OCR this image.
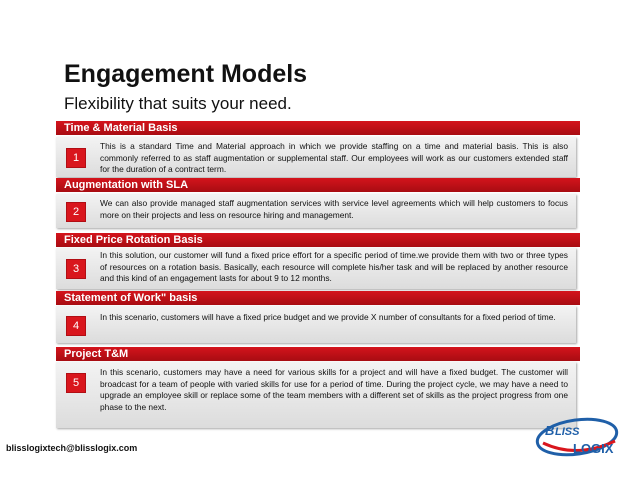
Engagement Models
Flexibility that suits your need.
Time & Material Basis
1
This is a standard Time and Material approach in which we provide staffing on a time and material basis. This is also commonly referred to as staff augmentation or supplemental staff. Our employees will work as our customers extended staff for the duration of a contract term.
Augmentation with SLA
2
We can also provide managed staff augmentation services with service level agreements which will help customers to focus more on their projects and less on resource hiring and management.
Fixed Price Rotation Basis
3
In this solution, our customer will fund a fixed price effort for a specific period of time.we provide them with two or three types of resources on a rotation basis. Basically, each resource will complete his/her task and will be replaced by another resource and this kind of an engagement lasts for about 9 to 12 months.
Statement of Work" basis
4
In this scenario, customers will have a fixed price budget and we provide X number of consultants for a fixed period of time.
Project T&M
5
In this scenario, customers may have a need for various skills for a project and will have a fixed budget. The customer will broadcast for a team of people with varied skills for use for a period of time. During the project cycle, we may have a need to upgrade an employee skill or replace some of the team members with a different set of skills as the project progress from one phase to the next.
blisslogixtech@blisslogix.com
B LISS
LOGIX
